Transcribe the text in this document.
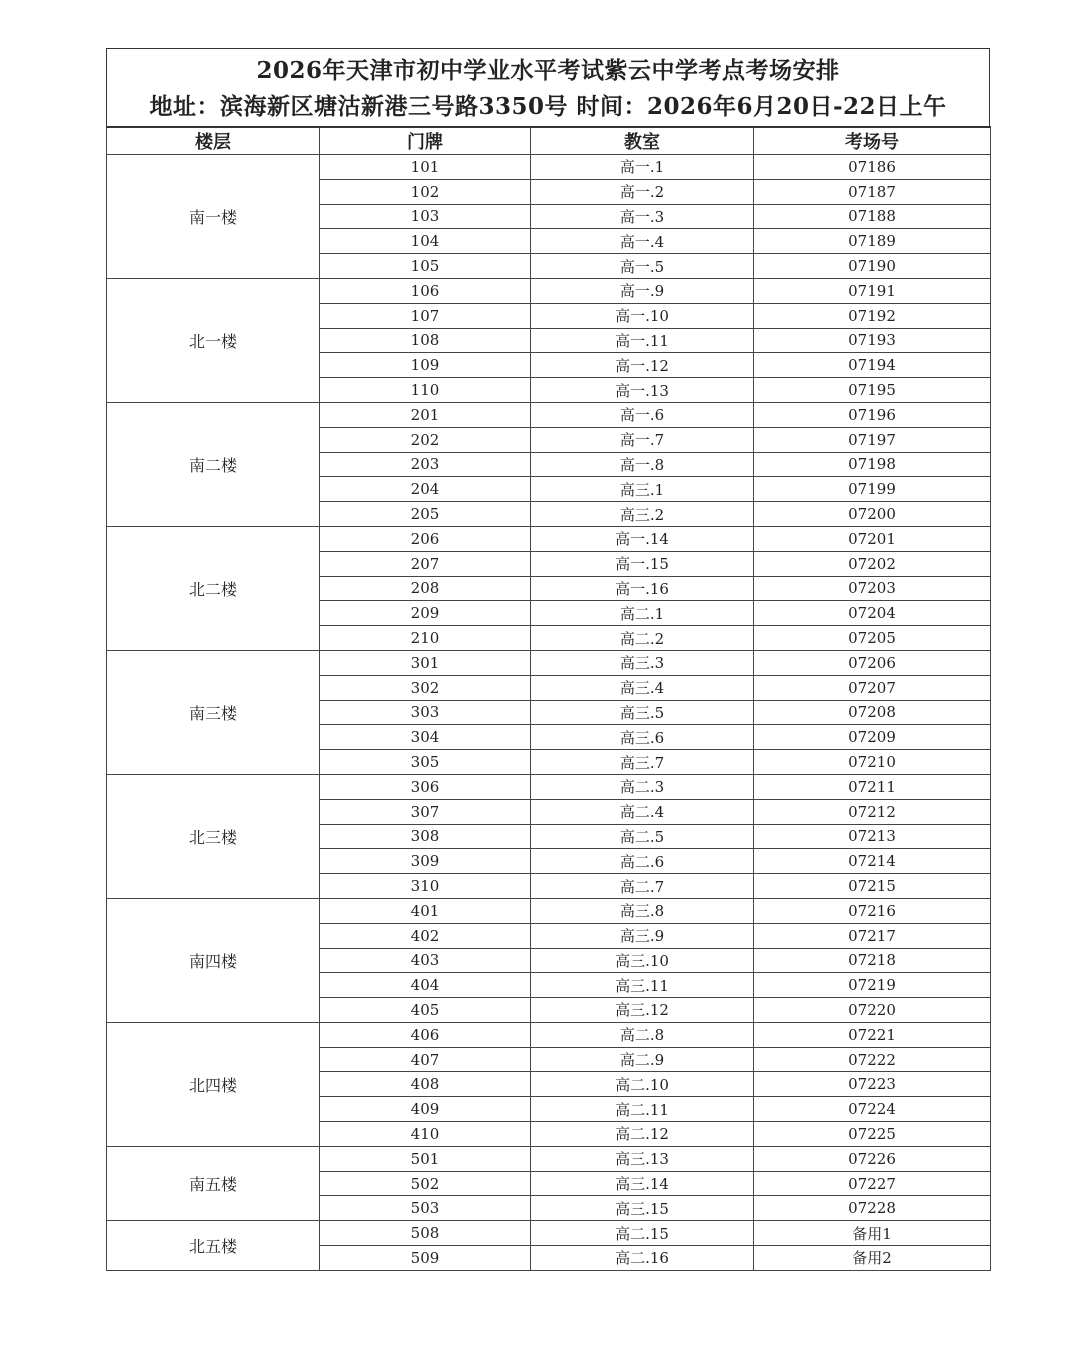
2026年天津市初中学业水平考试紫云中学考点考场安排
地址：滨海新区塘沽新港三号路3350号 时间：2026年6月20日-22日上午
楼层	门牌	教室	考场号
南一楼	101	高一.1	07186
	102	高一.2	07187
	103	高一.3	07188
	104	高一.4	07189
	105	高一.5	07190
北一楼	106	高一.9	07191
	107	高一.10	07192
	108	高一.11	07193
	109	高一.12	07194
	110	高一.13	07195
南二楼	201	高一.6	07196
	202	高一.7	07197
	203	高一.8	07198
	204	高三.1	07199
	205	高三.2	07200
北二楼	206	高一.14	07201
	207	高一.15	07202
	208	高一.16	07203
	209	高二.1	07204
	210	高二.2	07205
南三楼	301	高三.3	07206
	302	高三.4	07207
	303	高三.5	07208
	304	高三.6	07209
	305	高三.7	07210
北三楼	306	高二.3	07211
	307	高二.4	07212
	308	高二.5	07213
	309	高二.6	07214
	310	高二.7	07215
南四楼	401	高三.8	07216
	402	高三.9	07217
	403	高三.10	07218
	404	高三.11	07219
	405	高三.12	07220
北四楼	406	高二.8	07221
	407	高二.9	07222
	408	高二.10	07223
	409	高二.11	07224
	410	高二.12	07225
南五楼	501	高三.13	07226
	502	高三.14	07227
	503	高三.15	07228
北五楼	508	高二.15	备用1
	509	高二.16	备用2
